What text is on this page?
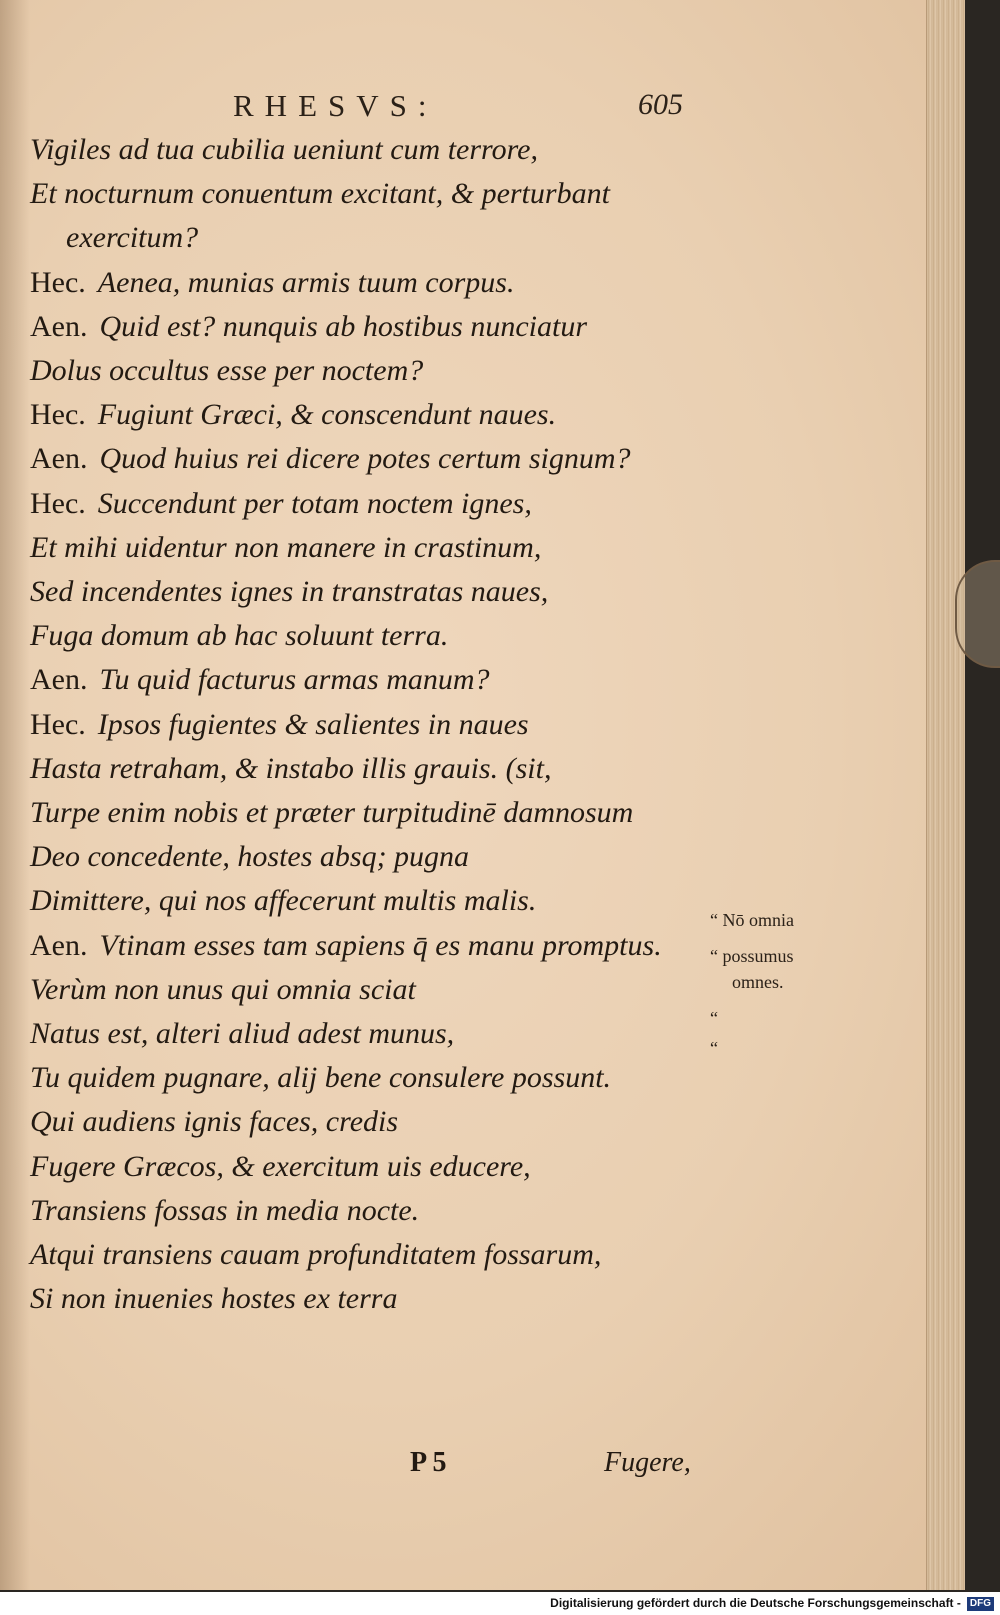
RHESVS:	605
Vigiles ad tua cubilia ueniunt cum terrore,
Et nocturnum conuentum excitant, & perturbant
exercitum?
Hec. Aenea, munias armis tuum corpus.
Aen. Quid est? nunquis ab hostibus nunciatur
Dolus occultus esse per noctem?
Hec. Fugiunt Græci, & conscendunt naues.
Aen. Quod huius rei dicere potes certum signum?
Hec. Succendunt per totam noctem ignes,
Et mihi uidentur non manere in crastinum,
Sed incendentes ignes in transtratas naues,
Fuga domum ab hac soluunt terra.
Aen. Tu quid facturus armas manum?
Hec. Ipsos fugientes & salientes in naues
Hasta retraham, & instabo illis grauis. (sit,
Turpe enim nobis et præter turpitudinē damnosum
Deo concedente, hostes absq; pugna
Dimittere, qui nos affecerunt multis malis.
Aen. Vtinam esses tam sapiens q̄ es manu promptus.
Verùm non unus qui omnia sciat
Natus est, alteri aliud adest munus,
Tu quidem pugnare, alij bene consulere possunt.
Qui audiens ignis faces, credis
Fugere Græcos, & exercitum uis educere,
Transiens fossas in media nocte.
Atqui transiens cauam profunditatem fossarum,
Si non inuenies hostes ex terra
“ Nō omnia
“ possumus
omnes.
“
“
P 5	Fugere,
Digitalisierung gefördert durch die Deutsche Forschungsgemeinschaft - DFG
